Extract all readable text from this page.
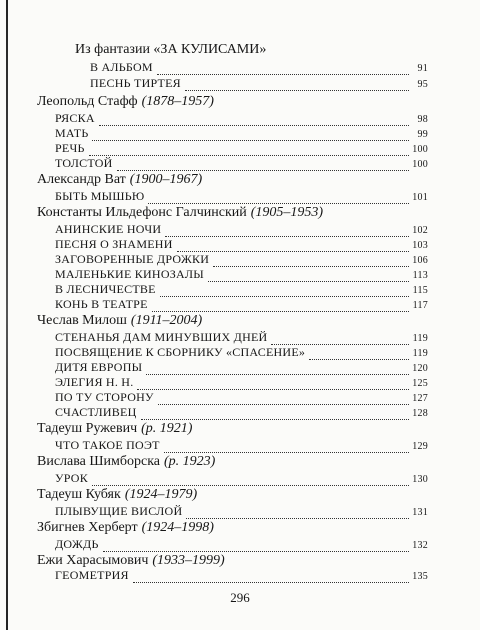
Из фантазии «ЗА КУЛИСАМИ»
В АЛЬБОМ	91
ПЕСНЬ ТИРТЕЯ	95
Леопольд Стафф (1878–1957)
РЯСКА	98
МАТЬ	99
РЕЧЬ	100
ТОЛСТОЙ	100
Александр Ват (1900–1967)
БЫТЬ МЫШЬЮ	101
Константы Ильдефонс Галчинский (1905–1953)
АНИНСКИЕ НОЧИ	102
ПЕСНЯ О ЗНАМЕНИ	103
ЗАГОВОРЕННЫЕ ДРОЖКИ	106
МАЛЕНЬКИЕ КИНОЗАЛЫ	113
В ЛЕСНИЧЕСТВЕ	115
КОНЬ В ТЕАТРЕ	117
Чеслав Милош (1911–2004)
СТЕНАНЬЯ ДАМ МИНУВШИХ ДНЕЙ	119
ПОСВЯЩЕНИЕ К СБОРНИКУ «СПАСЕНИЕ»	119
ДИТЯ ЕВРОПЫ	120
ЭЛЕГИЯ Н. Н.	125
ПО ТУ СТОРОНУ	127
СЧАСТЛИВЕЦ	128
Тадеуш Ружевич (р. 1921)
ЧТО ТАКОЕ ПОЭТ	129
Вислава Шимборска (р. 1923)
УРОК	130
Тадеуш Кубяк (1924–1979)
ПЛЫВУЩИЕ ВИСЛОЙ	131
Збигнев Херберт (1924–1998)
ДОЖДЬ	132
Ежи Харасымович (1933–1999)
ГЕОМЕТРИЯ	135
296
